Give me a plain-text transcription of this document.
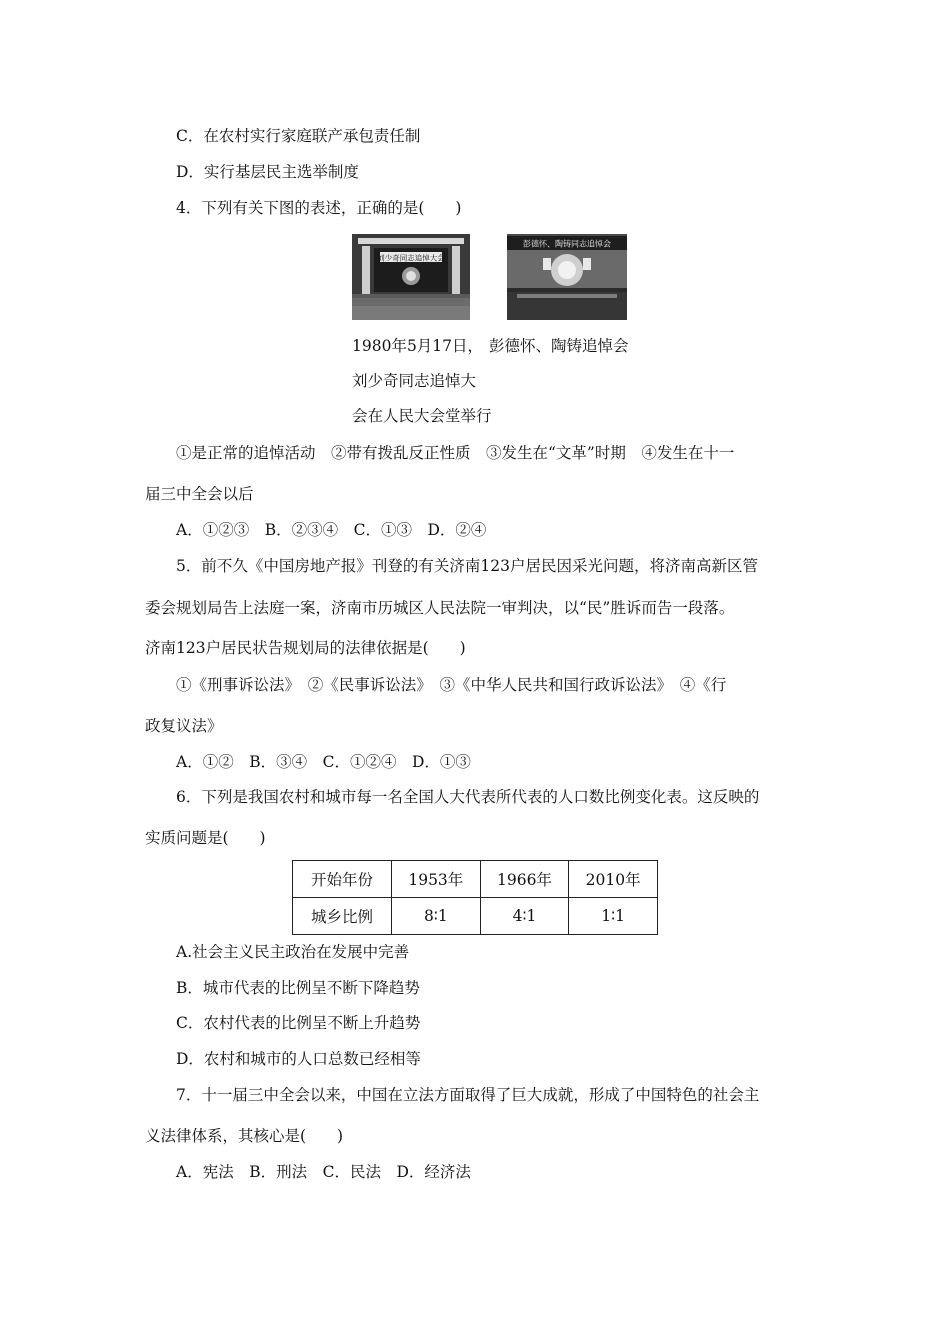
C．在农村实行家庭联产承包责任制
D．实行基层民主选举制度
4．下列有关下图的表述，正确的是(　　)
刘少奇同志追悼大会
彭德怀、陶铸同志追悼会
1980年5月17日， 彭德怀、陶铸追悼会
刘少奇同志追悼大
会在人民大会堂举行
①是正常的追悼活动　②带有拨乱反正性质　③发生在“文革”时期　④发生在十一
届三中全会以后
A．①②③　B．②③④　C．①③　D．②④
5．前不久《中国房地产报》刊登的有关济南123户居民因采光问题，将济南高新区管
委会规划局告上法庭一案，济南市历城区人民法院一审判决，以“民”胜诉而告一段落。
济南123户居民状告规划局的法律依据是(　　)
①《刑事诉讼法》　②《民事诉讼法》　③《中华人民共和国行政诉讼法》　④《行
政复议法》
A．①②　B．③④　C．①②④　D．①③
6．下列是我国农村和城市每一名全国人大代表所代表的人口数比例变化表。这反映的
实质问题是(　　)
开始年份	1953年	1966年	2010年
城乡比例	8∶1	4∶1	1∶1
A.社会主义民主政治在发展中完善
B．城市代表的比例呈不断下降趋势
C．农村代表的比例呈不断上升趋势
D．农村和城市的人口总数已经相等
7．十一届三中全会以来，中国在立法方面取得了巨大成就，形成了中国特色的社会主
义法律体系，其核心是(　　)
A．宪法　B．刑法　C．民法　D．经济法
